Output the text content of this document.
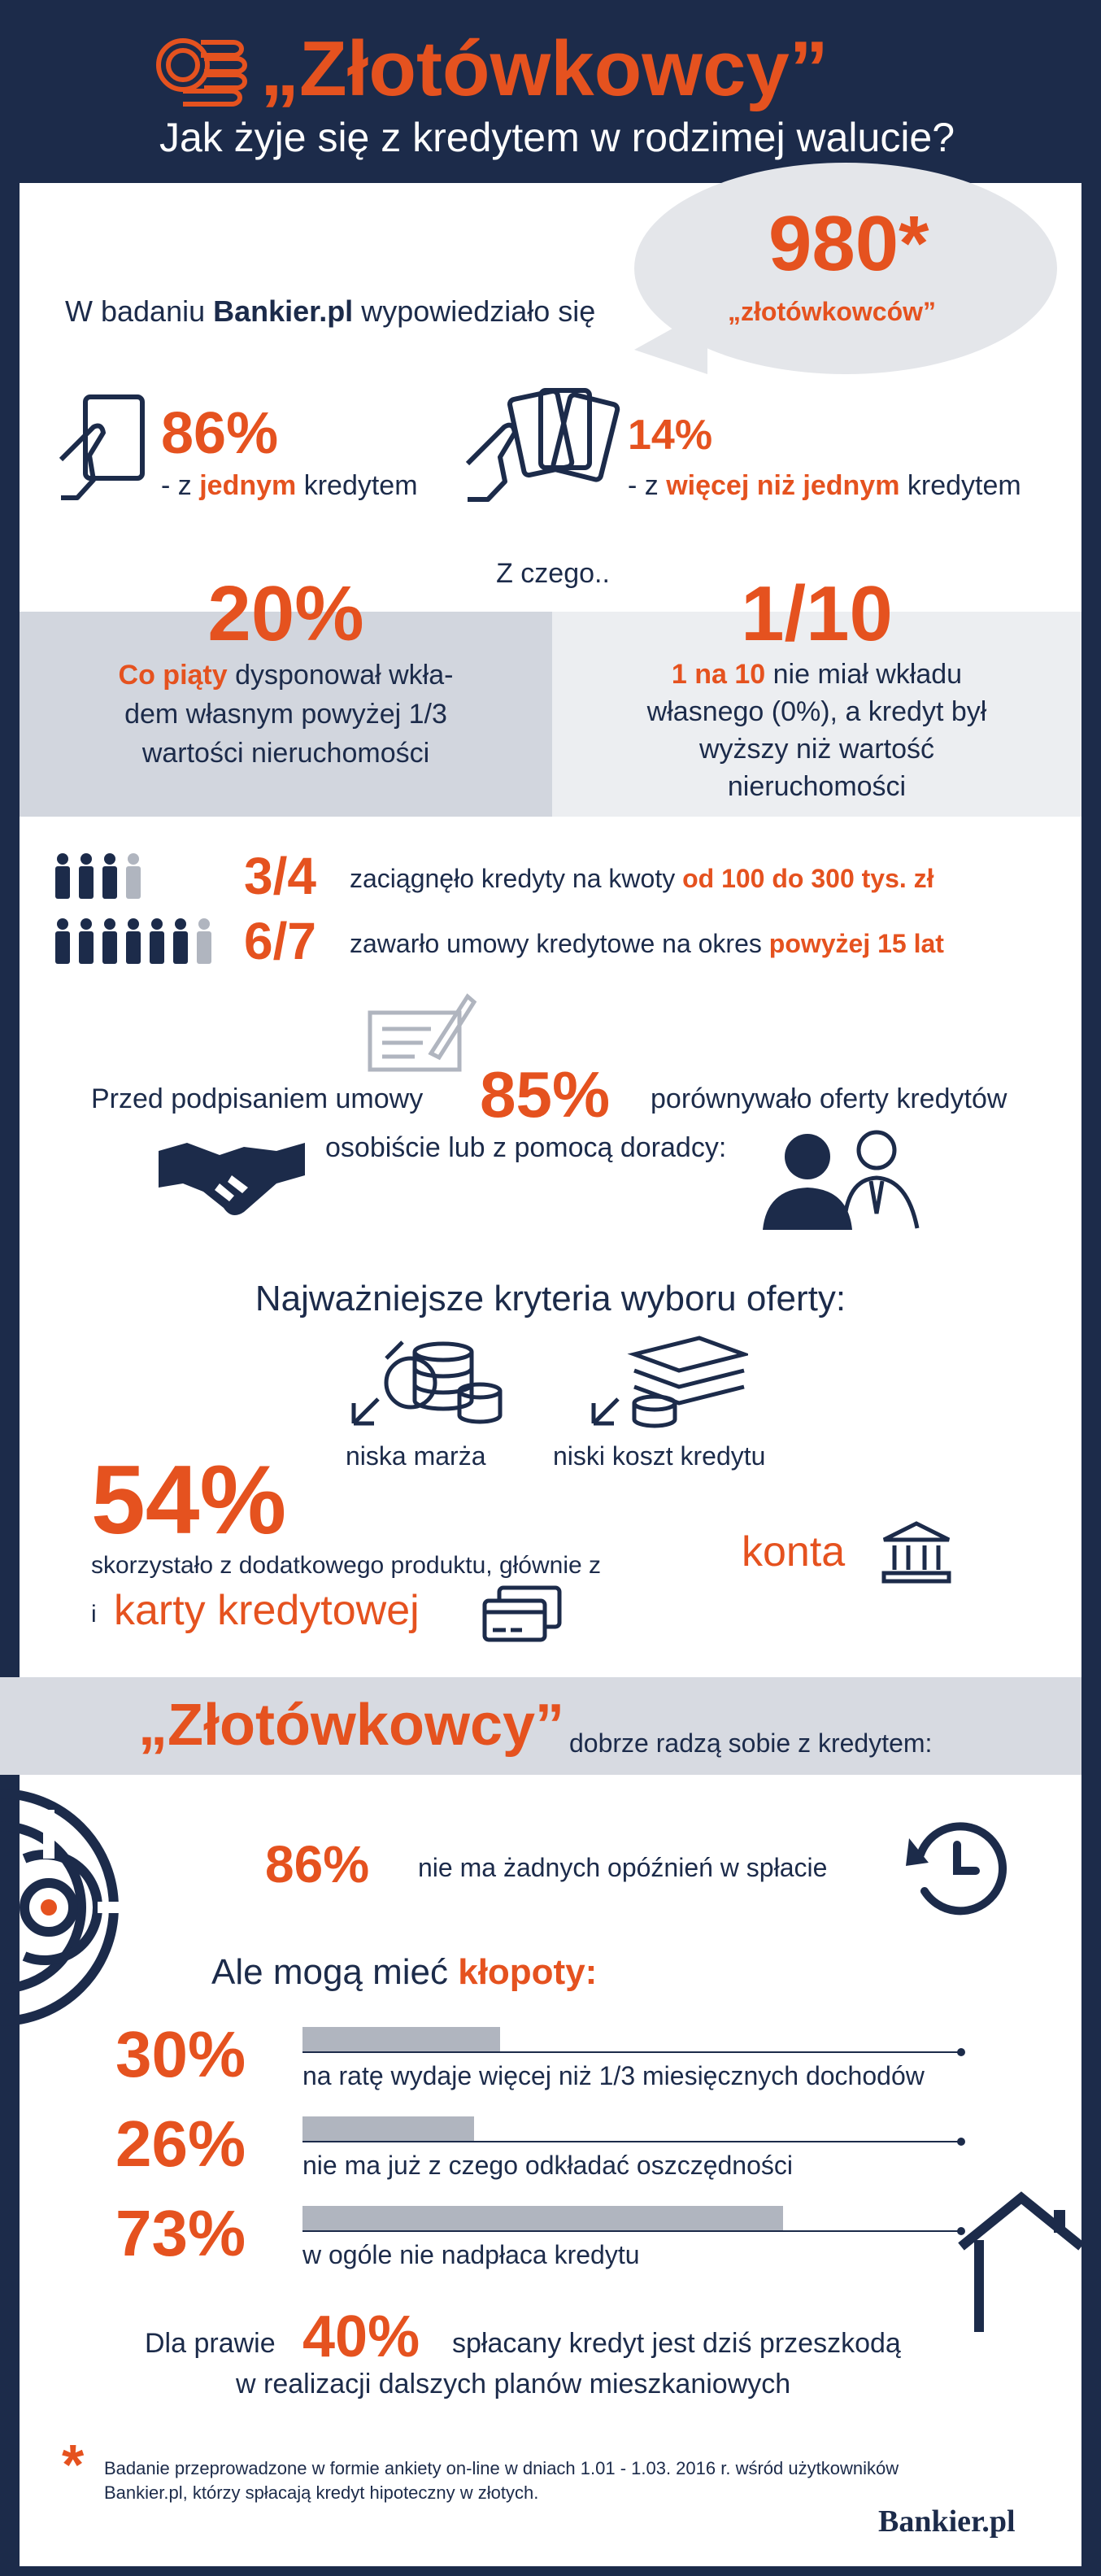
„Złotówkowcy”
Jak żyje się z kredytem w rodzimej walucie?
980*
„złotówkowców”
W badaniu Bankier.pl wypowiedziało się
86%
- z jednym kredytem
14%
- z więcej niż jednym kredytem
Z czego..
20%
Co piąty dysponował wkła-
dem własnym powyżej 1/3
wartości nieruchomości
1/10
1 na 10 nie miał wkładu
własnego (0%), a kredyt był
wyższy niż wartość
nieruchomości
3/4 zaciągnęło kredyty na kwoty od 100 do 300 tys. zł
6/7 zawarło umowy kredytowe na okres powyżej 15 lat
Przed podpisaniem umowy 85% porównywało oferty kredytów
osobiście lub z pomocą doradcy:
Najważniejsze kryteria wyboru oferty:
niska marża	niski koszt kredytu
54%
skorzystało z dodatkowego produktu, głównie z	konta
i karty kredytowej
„Złotówkowcy” dobrze radzą sobie z kredytem:
86% nie ma żadnych opóźnień w spłacie
Ale mogą mieć kłopoty:
30% na ratę wydaje więcej niż 1/3 miesięcznych dochodów
26% nie ma już z czego odkładać oszczędności
73% w ogóle nie nadpłaca kredytu
Dla prawie 40% spłacany kredyt jest dziś przeszkodą
w realizacji dalszych planów mieszkaniowych
* Badanie przeprowadzone w formie ankiety on-line w dniach 1.01 - 1.03. 2016 r. wśród użytkowników
Bankier.pl, którzy spłacają kredyt hipoteczny w złotych.
Bankier.pl
